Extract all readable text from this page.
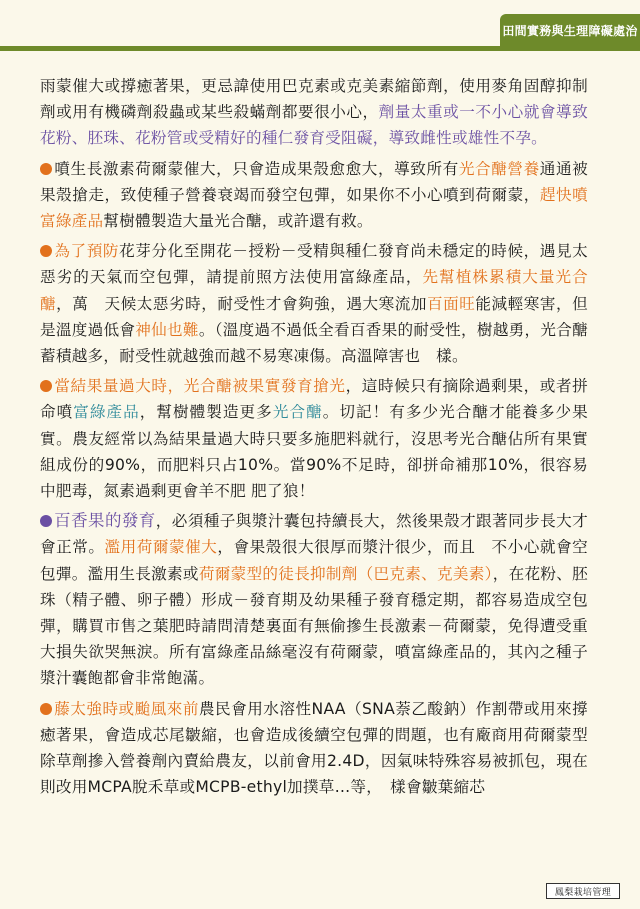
田間實務與生理障礙處治

雨蒙催大或撐癒著果，更忌諱使用巴克素或克美素縮節劑，使用麥角固醇抑制劑或用有機磷劑殺蟲或某些殺蟎劑都要很小心，劑量太重或一不小心就會導致花粉、胚珠、花粉管或受精好的種仁發育受阻礙，導致雌性或雄性不孕。

噴生長激素荷爾蒙催大，只會造成果殼愈愈大，導致所有光合醣營養通通被果殼搶走，致使種子營養衰竭而發空包彈，如果你不小心噴到荷爾蒙，趕快噴富綠產品幫樹體製造大量光合醣，或許還有救。

為了預防花芽分化至開花－授粉－受精與種仁發育尚未穩定的時候，遇見太惡劣的天氣而空包彈，請提前照方法使用富綠產品，先幫植株累積大量光合醣，萬　天候太惡劣時，耐受性才會夠強，遇大寒流加百面旺能減輕寒害，但是溫度過低會神仙也難。（溫度過不過低全看百香果的耐受性，樹越勇，光合醣蓄積越多，耐受性就越強而越不易寒凍傷。高溫障害也　樣。

當結果量過大時，光合醣被果實發育搶光，這時候只有摘除過剩果，或者拼命噴富綠產品，幫樹體製造更多光合醣。切記！有多少光合醣才能養多少果實。農友經常以為結果量過大時只要多施肥料就行，沒思考光合醣佔所有果實組成份的90%，而肥料只占10%。當90%不足時，卻拼命補那10%，很容易中肥毒，氮素過剩更會羊不肥 肥了狼！

百香果的發育，必須種子與漿汁囊包持續長大，然後果殼才跟著同步長大才會正常。濫用荷爾蒙催大，會果殼很大很厚而漿汁很少，而且　不小心就會空包彈。濫用生長激素或荷爾蒙型的徒長抑制劑（巴克素、克美素），在花粉、胚珠（精子體、卵子體）形成－發育期及幼果種子發育穩定期，都容易造成空包彈，購買市售之葉肥時請問清楚裏面有無偷摻生長激素－荷爾蒙，免得遭受重大損失欲哭無淚。所有富綠產品絲毫沒有荷爾蒙，噴富綠產品的，其內之種子漿汁囊飽都會非常飽滿。

藤太強時或颱風來前農民會用水溶性NAA（SNA萘乙酸鈉）作割帶或用來撐癒著果，會造成芯尾皺縮，也會造成後續空包彈的問題，也有廠商用荷爾蒙型除草劑摻入營養劑內賣給農友，以前會用2.4D，因氣味特殊容易被抓包，現在則改用MCPA脫禾草或MCPB-ethyl加撲草…等，　樣會皺葉縮芯

鳳梨栽培管理
